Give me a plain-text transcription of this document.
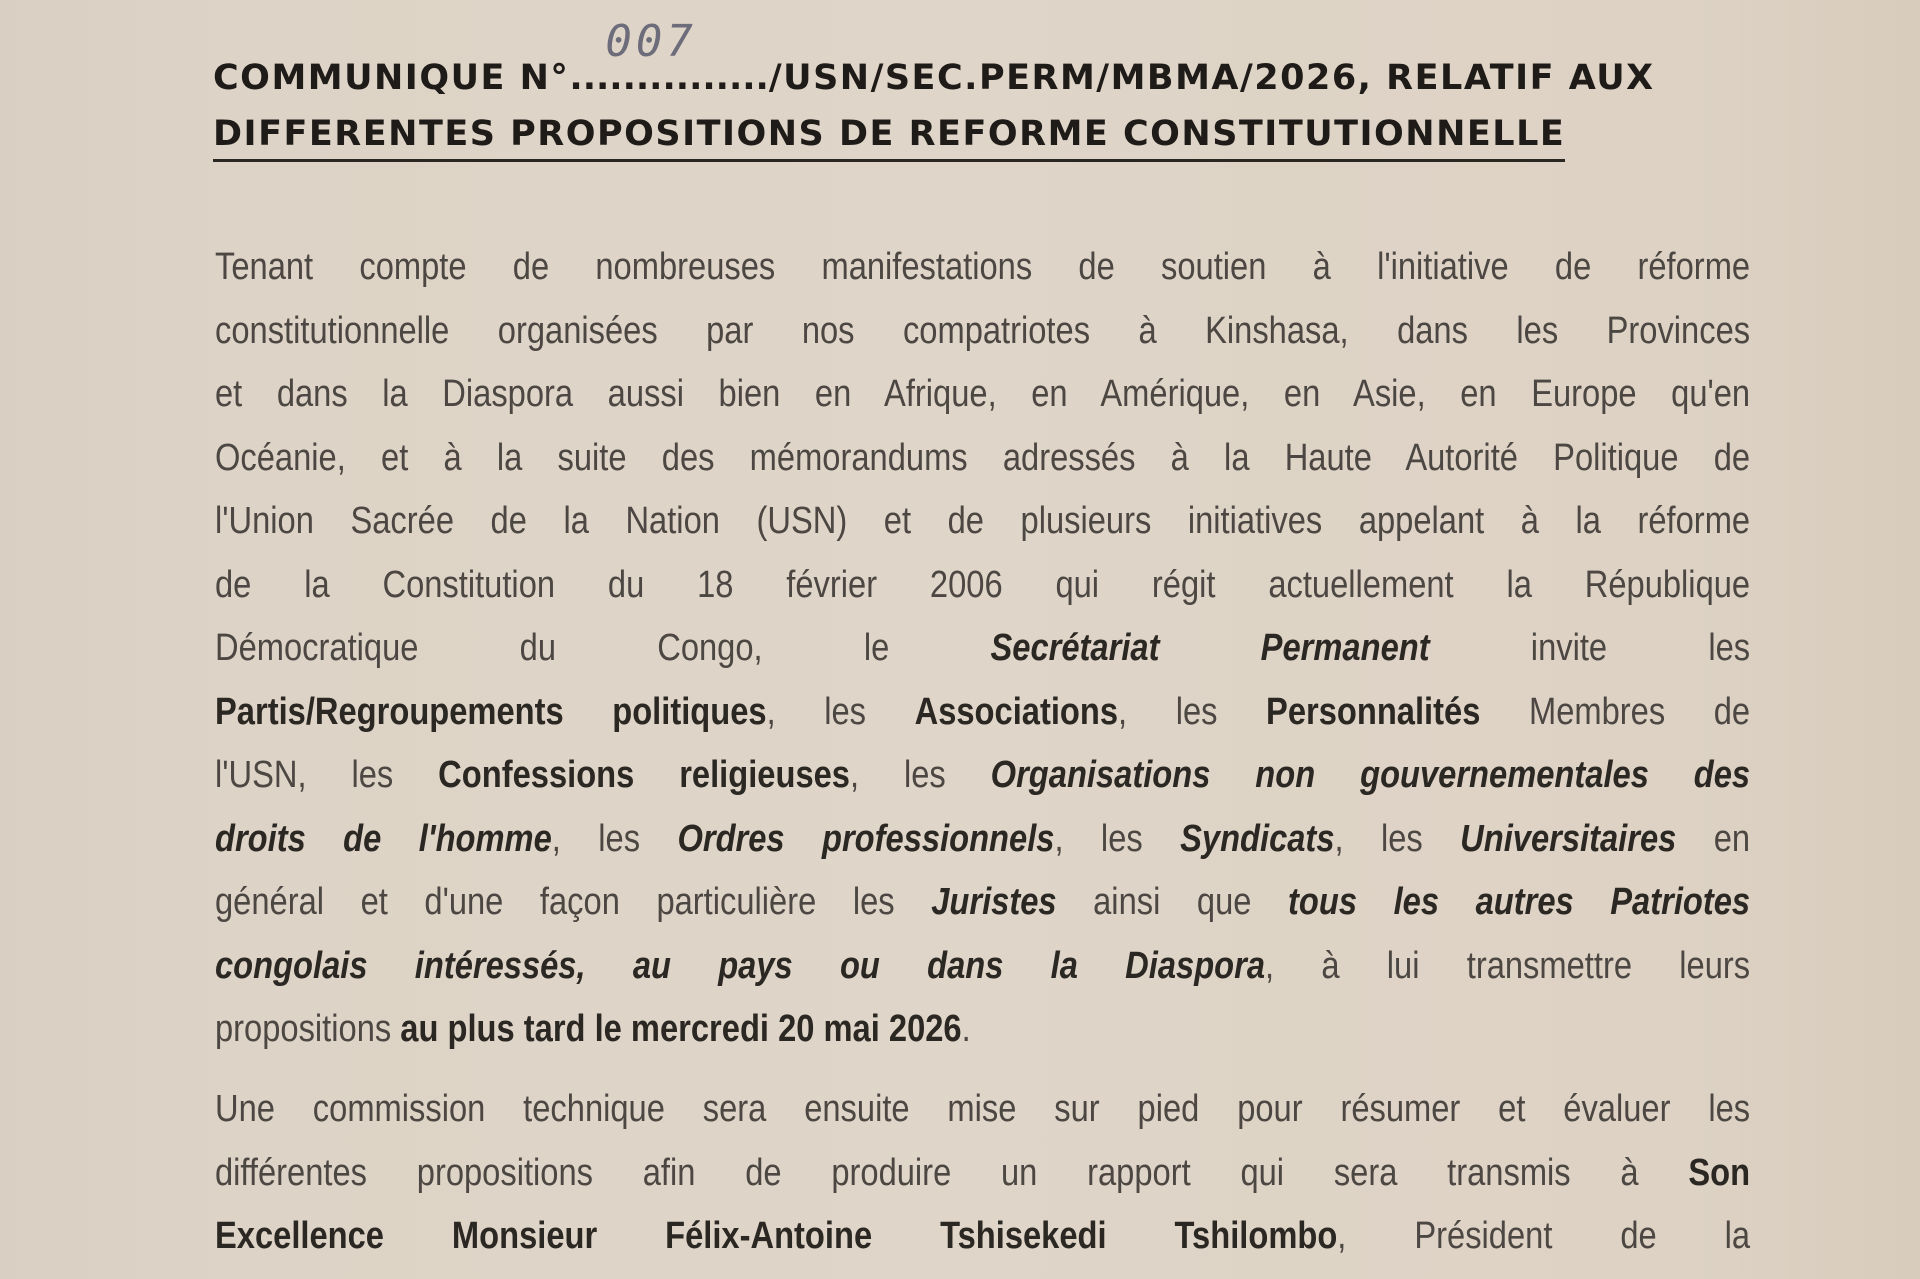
COMMUNIQUE N°...............
007
/USN/SEC.PERM/MBMA/2026, RELATIF AUX
DIFFERENTES PROPOSITIONS DE REFORME CONSTITUTIONNELLE
Tenant compte de nombreuses manifestations de soutien à l'initiative de réforme
constitutionnelle organisées par nos compatriotes à Kinshasa, dans les Provinces
et dans la Diaspora aussi bien en Afrique, en Amérique, en Asie, en Europe qu'en
Océanie, et à la suite des mémorandums adressés à la Haute Autorité Politique de
l'Union Sacrée de la Nation (USN) et de plusieurs initiatives appelant à la réforme
de la Constitution du 18 février 2006 qui régit actuellement la République
Démocratique du Congo, le Secrétariat Permanent invite les
Partis/Regroupements politiques, les Associations, les Personnalités Membres de
l'USN, les Confessions religieuses, les Organisations non gouvernementales des
droits de l'homme, les Ordres professionnels, les Syndicats, les Universitaires en
général et d'une façon particulière les Juristes ainsi que tous les autres Patriotes
congolais intéressés, au pays ou dans la Diaspora, à lui transmettre leurs
propositions au plus tard le mercredi 20 mai 2026.
Une commission technique sera ensuite mise sur pied pour résumer et évaluer les
différentes propositions afin de produire un rapport qui sera transmis à Son
Excellence Monsieur Félix-Antoine Tshisekedi Tshilombo, Président de la
